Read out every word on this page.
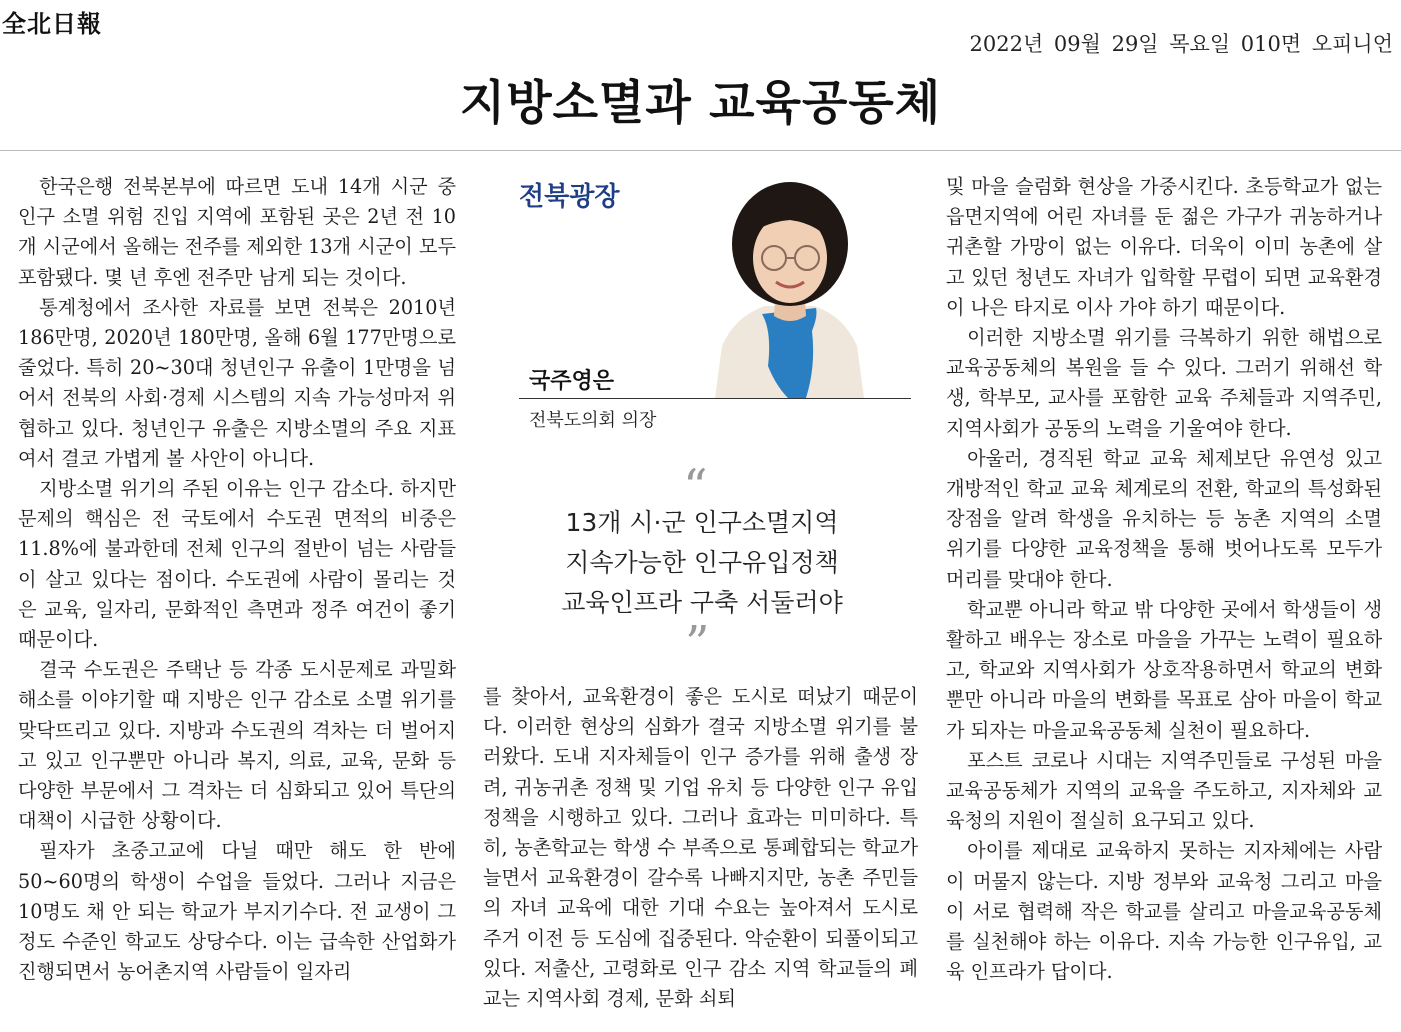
全北日報
2022년 09월 29일 목요일 010면 오피니언
지방소멸과 교육공동체

한국은행 전북본부에 따르면 도내 14개 시군 중 인구 소멸 위험 진입 지역에 포함된 곳은 2년 전 10개 시군에서 올해는 전주를 제외한 13개 시군이 모두 포함됐다. 몇 년 후엔 전주만 남게 되는 것이다.

통계청에서 조사한 자료를 보면 전북은 2010년 186만명, 2020년 180만명, 올해 6월 177만명으로 줄었다. 특히 20~30대 청년인구 유출이 1만명을 넘어서 전북의 사회·경제 시스템의 지속 가능성마저 위협하고 있다. 청년인구 유출은 지방소멸의 주요 지표여서 결코 가볍게 볼 사안이 아니다.

지방소멸 위기의 주된 이유는 인구 감소다. 하지만 문제의 핵심은 전 국토에서 수도권 면적의 비중은 11.8%에 불과한데 전체 인구의 절반이 넘는 사람들이 살고 있다는 점이다. 수도권에 사람이 몰리는 것은 교육, 일자리, 문화적인 측면과 정주 여건이 좋기 때문이다.

결국 수도권은 주택난 등 각종 도시문제로 과밀화 해소를 이야기할 때 지방은 인구 감소로 소멸 위기를 맞닥뜨리고 있다. 지방과 수도권의 격차는 더 벌어지고 있고 인구뿐만 아니라 복지, 의료, 교육, 문화 등 다양한 부문에서 그 격차는 더 심화되고 있어 특단의 대책이 시급한 상황이다.

필자가 초중고교에 다닐 때만 해도 한 반에 50~60명의 학생이 수업을 들었다. 그러나 지금은 10명도 채 안 되는 학교가 부지기수다. 전 교생이 그 정도 수준인 학교도 상당수다. 이는 급속한 산업화가 진행되면서 농어촌지역 사람들이 일자리

전북광장
국주영은
전북도의회 의장
“
13개 시·군 인구소멸지역
지속가능한 인구유입정책
교육인프라 구축 서둘러야
”

를 찾아서, 교육환경이 좋은 도시로 떠났기 때문이다. 이러한 현상의 심화가 결국 지방소멸 위기를 불러왔다. 도내 지자체들이 인구 증가를 위해 출생 장려, 귀농귀촌 정책 및 기업 유치 등 다양한 인구 유입 정책을 시행하고 있다. 그러나 효과는 미미하다. 특히, 농촌학교는 학생 수 부족으로 통폐합되는 학교가 늘면서 교육환경이 갈수록 나빠지지만, 농촌 주민들의 자녀 교육에 대한 기대 수요는 높아져서 도시로 주거 이전 등 도심에 집중된다. 악순환이 되풀이되고 있다. 저출산, 고령화로 인구 감소 지역 학교들의 폐교는 지역사회 경제, 문화 쇠퇴

및 마을 슬럼화 현상을 가중시킨다. 초등학교가 없는 읍면지역에 어린 자녀를 둔 젊은 가구가 귀농하거나 귀촌할 가망이 없는 이유다. 더욱이 이미 농촌에 살고 있던 청년도 자녀가 입학할 무렵이 되면 교육환경이 나은 타지로 이사 가야 하기 때문이다.

이러한 지방소멸 위기를 극복하기 위한 해법으로 교육공동체의 복원을 들 수 있다. 그러기 위해선 학생, 학부모, 교사를 포함한 교육 주체들과 지역주민, 지역사회가 공동의 노력을 기울여야 한다.

아울러, 경직된 학교 교육 체제보단 유연성 있고 개방적인 학교 교육 체계로의 전환, 학교의 특성화된 장점을 알려 학생을 유치하는 등 농촌 지역의 소멸 위기를 다양한 교육정책을 통해 벗어나도록 모두가 머리를 맞대야 한다.

학교뿐 아니라 학교 밖 다양한 곳에서 학생들이 생활하고 배우는 장소로 마을을 가꾸는 노력이 필요하고, 학교와 지역사회가 상호작용하면서 학교의 변화뿐만 아니라 마을의 변화를 목표로 삼아 마을이 학교가 되자는 마을교육공동체 실천이 필요하다.

포스트 코로나 시대는 지역주민들로 구성된 마을교육공동체가 지역의 교육을 주도하고, 지자체와 교육청의 지원이 절실히 요구되고 있다.

아이를 제대로 교육하지 못하는 지자체에는 사람이 머물지 않는다. 지방 정부와 교육청 그리고 마을이 서로 협력해 작은 학교를 살리고 마을교육공동체를 실천해야 하는 이유다. 지속 가능한 인구유입, 교육 인프라가 답이다.
